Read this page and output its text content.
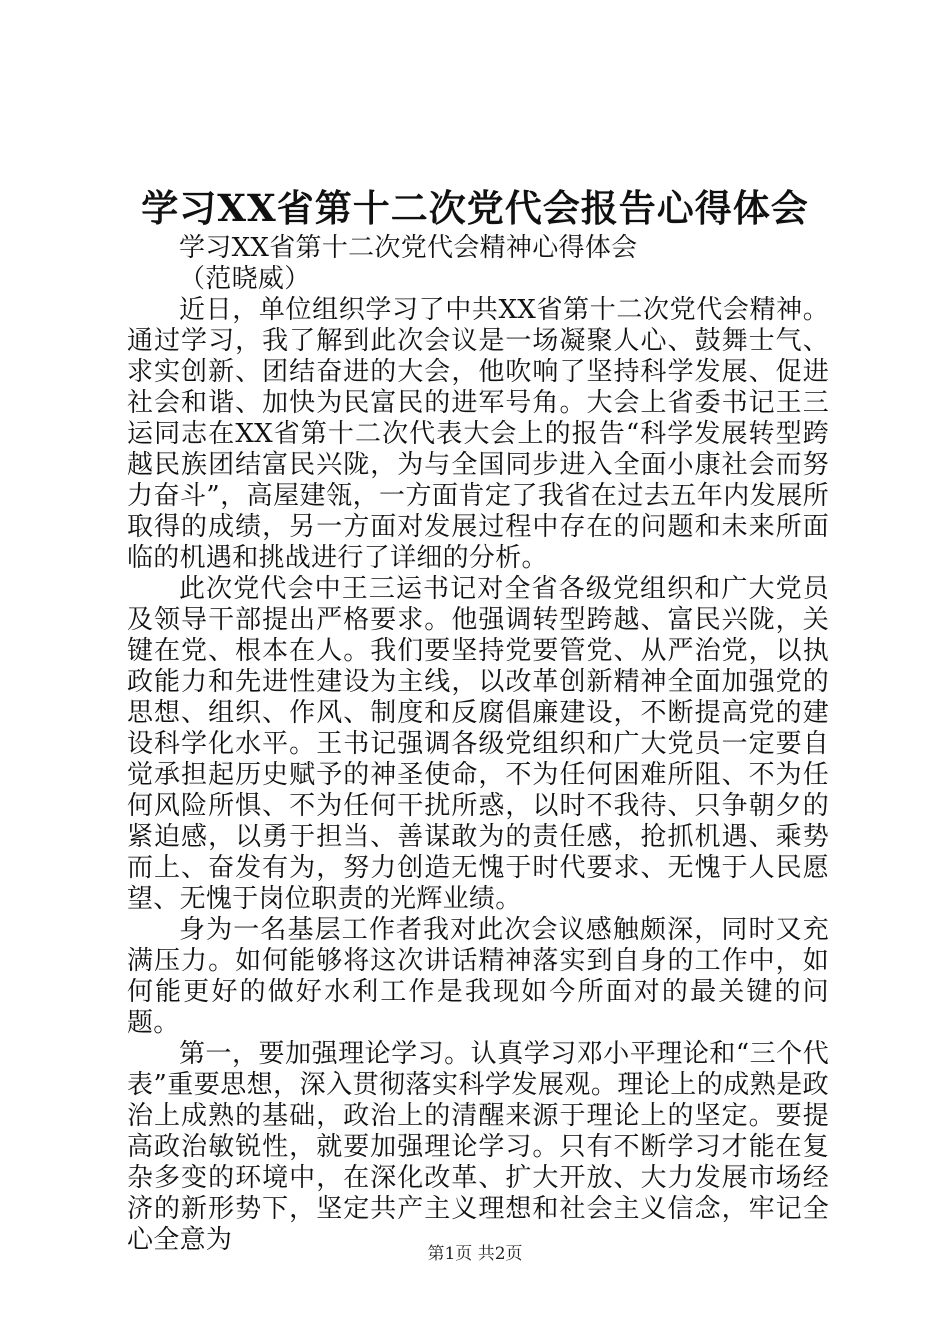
学习XX省第十二次党代会报告心得体会

学习XX省第十二次党代会精神心得体会

（范晓威）

近日，单位组织学习了中共XX省第十二次党代会精神。通过学习，我了解到此次会议是一场凝聚人心、鼓舞士气、求实创新、团结奋进的大会，他吹响了坚持科学发展、促进社会和谐、加快为民富民的进军号角。大会上省委书记王三运同志在XX省第十二次代表大会上的报告“科学发展转型跨越民族团结富民兴陇，为与全国同步进入全面小康社会而努力奋斗”，高屋建瓴，一方面肯定了我省在过去五年内发展所取得的成绩，另一方面对发展过程中存在的问题和未来所面临的机遇和挑战进行了详细的分析。

此次党代会中王三运书记对全省各级党组织和广大党员及领导干部提出严格要求。他强调转型跨越、富民兴陇，关键在党、根本在人。我们要坚持党要管党、从严治党，以执政能力和先进性建设为主线，以改革创新精神全面加强党的思想、组织、作风、制度和反腐倡廉建设，不断提高党的建设科学化水平。王书记强调各级党组织和广大党员一定要自觉承担起历史赋予的神圣使命，不为任何困难所阻、不为任何风险所惧、不为任何干扰所惑，以时不我待、只争朝夕的紧迫感，以勇于担当、善谋敢为的责任感，抢抓机遇、乘势而上、奋发有为，努力创造无愧于时代要求、无愧于人民愿望、无愧于岗位职责的光辉业绩。

身为一名基层工作者我对此次会议感触颇深，同时又充满压力。如何能够将这次讲话精神落实到自身的工作中，如何能更好的做好水利工作是我现如今所面对的最关键的问题。

第一，要加强理论学习。认真学习邓小平理论和“三个代表”重要思想，深入贯彻落实科学发展观。理论上的成熟是政治上成熟的基础，政治上的清醒来源于理论上的坚定。要提高政治敏锐性，就要加强理论学习。只有不断学习才能在复杂多变的环境中，在深化改革、扩大开放、大力发展市场经济的新形势下，坚定共产主义理想和社会主义信念，牢记全心全意为	第1页 共2页
